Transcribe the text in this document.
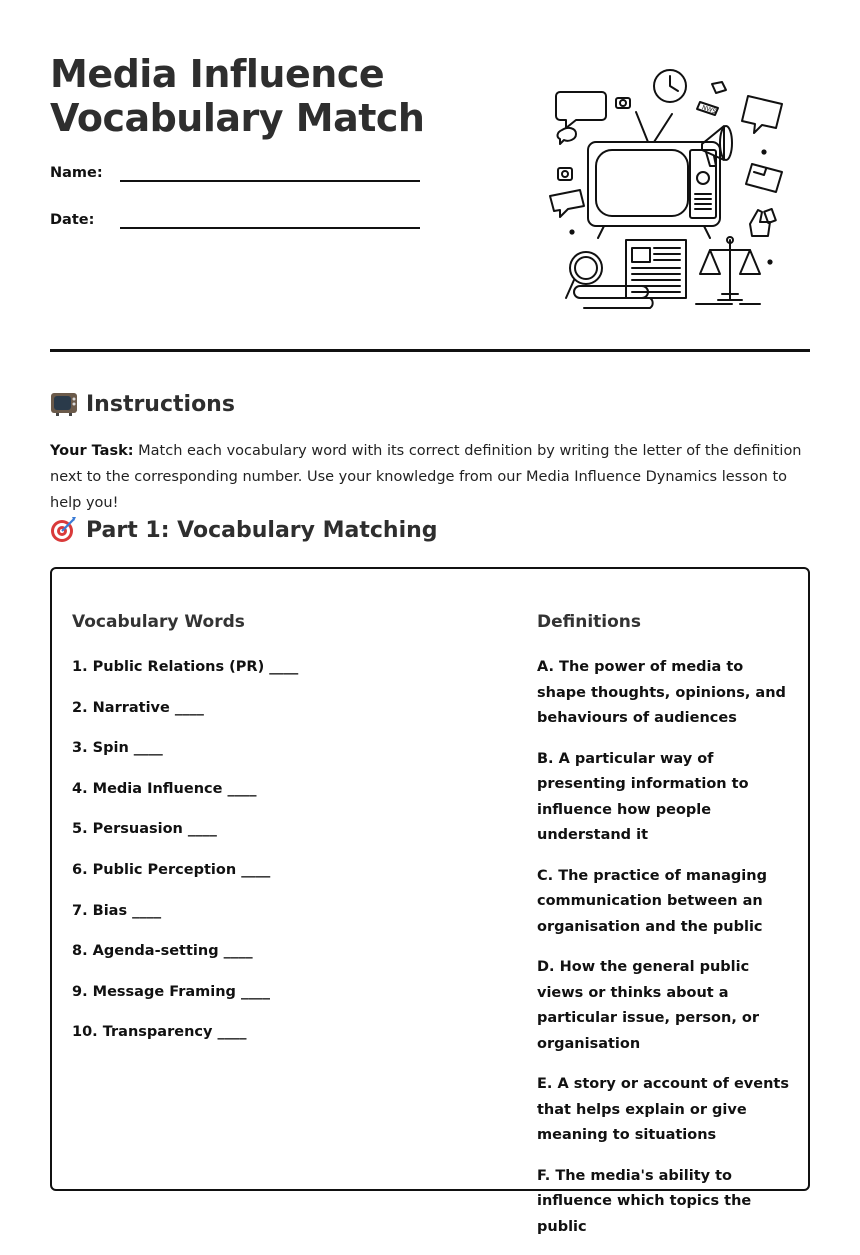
Media Influence
Vocabulary Match
Name:
Date:
NWS
Instructions

Your Task: Match each vocabulary word with its correct definition by writing the letter of the definition next to the corresponding number. Use your knowledge from our Media Influence Dynamics lesson to help you!

Part 1: Vocabulary Matching
Vocabulary Words	Definitions
1. Public Relations (PR) ____
2. Narrative ____
3. Spin ____
4. Media Influence ____
5. Persuasion ____
6. Public Perception ____
7. Bias ____
8. Agenda-setting ____
9. Message Framing ____
10. Transparency ____
A. The power of media to shape thoughts, opinions, and behaviours of audiences
B. A particular way of presenting information to influence how people understand it
C. The practice of managing communication between an organisation and the public
D. How the general public views or thinks about a particular issue, person, or organisation
E. A story or account of events that helps explain or give meaning to situations
F. The media's ability to influence which topics the public
